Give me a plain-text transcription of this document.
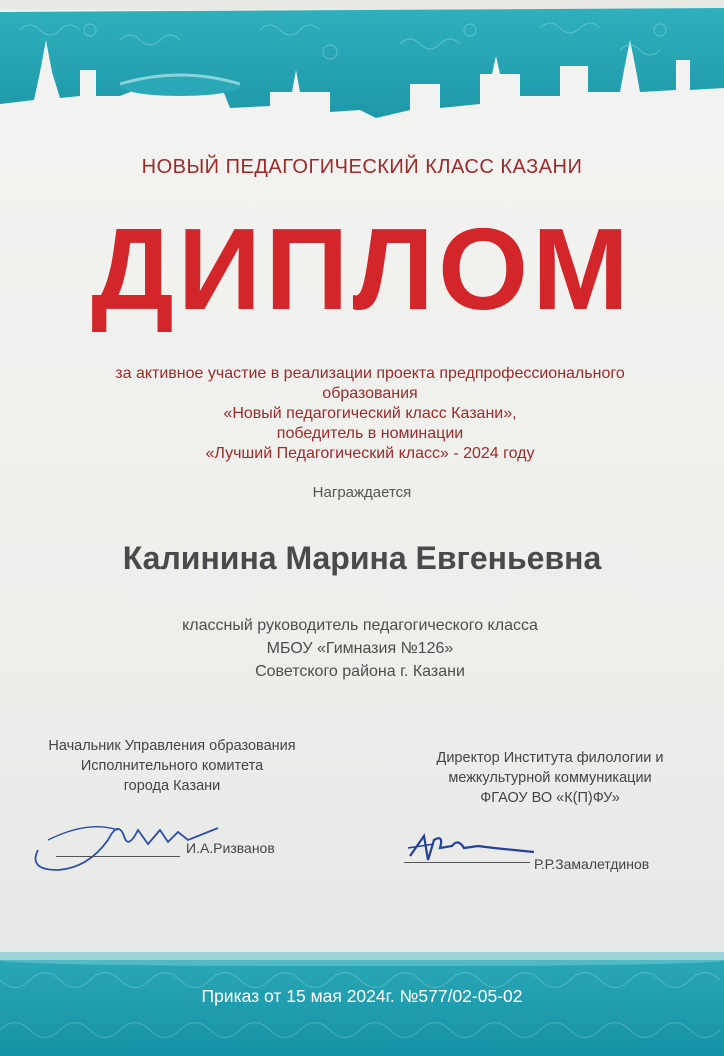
НОВЫЙ ПЕДАГОГИЧЕСКИЙ КЛАСС КАЗАНИ
ДИПЛОМ
за активное участие в реализации проекта предпрофессионального
образования
«Новый педагогический класс Казани»,
победитель в номинации
«Лучший Педагогический класс» - 2024 году
Награждается
Калинина Марина Евгеньевна
классный руководитель педагогического класса
МБОУ «Гимназия №126»
Советского района г. Казани
Начальник Управления образования
Исполнительного комитета
города Казани
И.А.Ризванов
Директор Института филологии и
межкультурной коммуникации
ФГАОУ ВО «К(П)ФУ»
Р.Р.Замалетдинов
Приказ от 15 мая 2024г. №577/02-05-02
